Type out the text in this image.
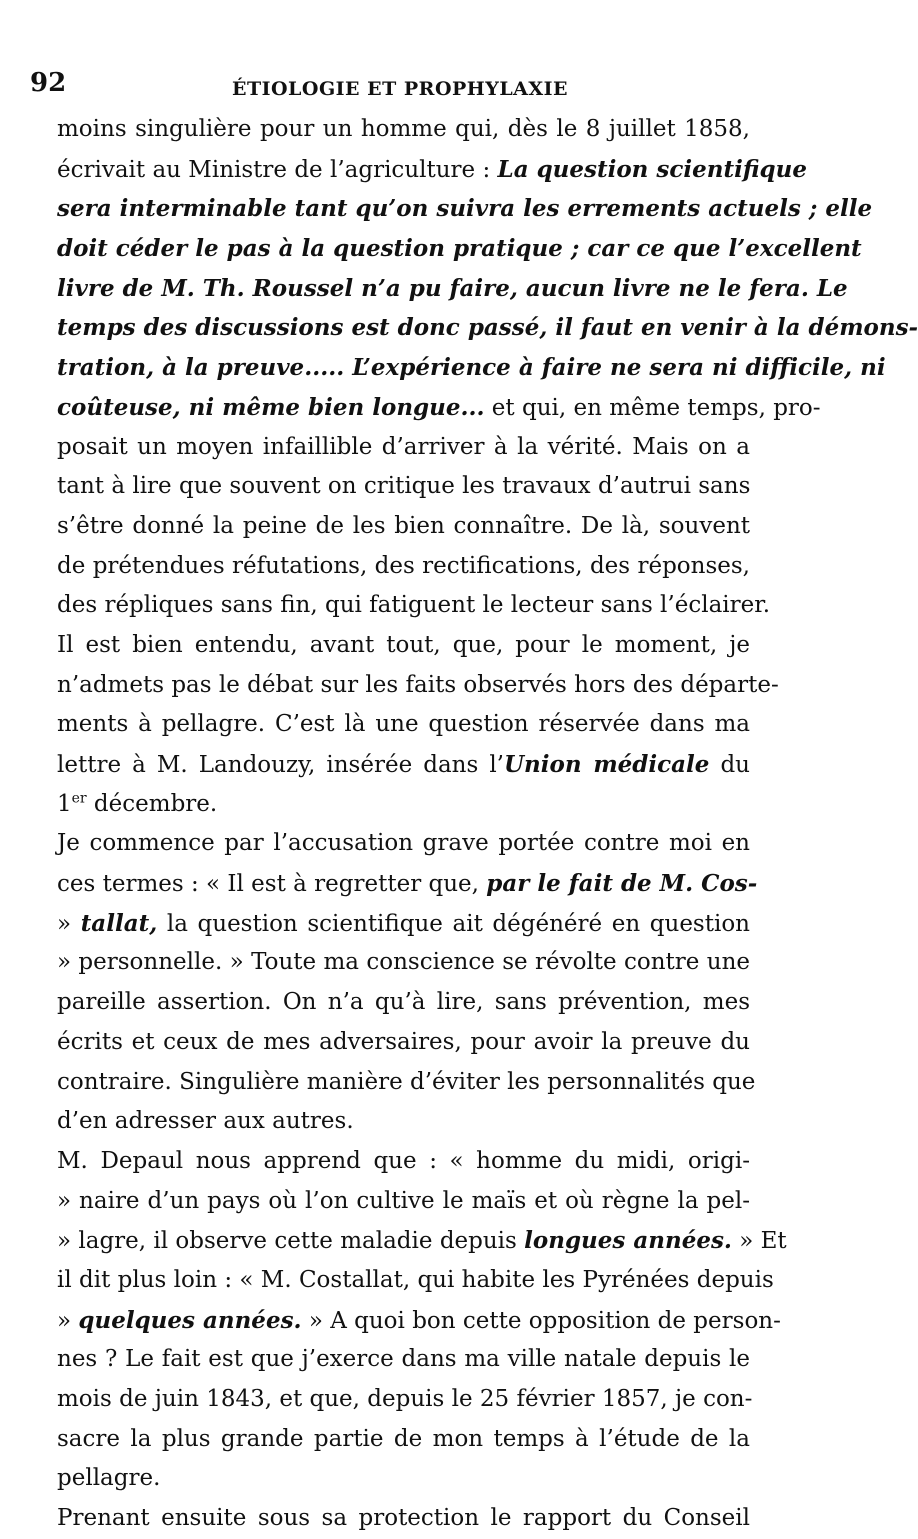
92	ÉTIOLOGIE ET PROPHYLAXIE
moins singulière pour un homme qui, dès le 8 juillet 1858,
écrivait au Ministre de l’agriculture : La question scientifique
sera interminable tant qu’on suivra les errements actuels ; elle
doit céder le pas à la question pratique ; car ce que l’excellent
livre de M. Th. Roussel n’a pu faire, aucun livre ne le fera. Le
temps des discussions est donc passé, il faut en venir à la démons-
tration, à la preuve..... L’expérience à faire ne sera ni difficile, ni
coûteuse, ni même bien longue... et qui, en même temps, pro-
posait un moyen infaillible d’arriver à la vérité. Mais on a
tant à lire que souvent on critique les travaux d’autrui sans
s’être donné la peine de les bien connaître. De là, souvent
de prétendues réfutations, des rectifications, des réponses,
des répliques sans fin, qui fatiguent le lecteur sans l’éclairer.
Il est bien entendu, avant tout, que, pour le moment, je
n’admets pas le débat sur les faits observés hors des départe-
ments à pellagre. C’est là une question réservée dans ma
lettre à M. Landouzy, insérée dans l’Union médicale du
1er décembre.
Je commence par l’accusation grave portée contre moi en
ces termes : « Il est à regretter que, par le fait de M. Cos-
» tallat, la question scientifique ait dégénéré en question
» personnelle. » Toute ma conscience se révolte contre une
pareille assertion. On n’a qu’à lire, sans prévention, mes
écrits et ceux de mes adversaires, pour avoir la preuve du
contraire. Singulière manière d’éviter les personnalités que
d’en adresser aux autres.
M. Depaul nous apprend que : « homme du midi, origi-
» naire d’un pays où l’on cultive le maïs et où règne la pel-
» lagre, il observe cette maladie depuis longues années. » Et
il dit plus loin : « M. Costallat, qui habite les Pyrénées depuis
» quelques années. » A quoi bon cette opposition de person-
nes ? Le fait est que j’exerce dans ma ville natale depuis le
mois de juin 1843, et que, depuis le 25 février 1857, je con-
sacre la plus grande partie de mon temps à l’étude de la
pellagre.
Prenant ensuite sous sa protection le rapport du Conseil
